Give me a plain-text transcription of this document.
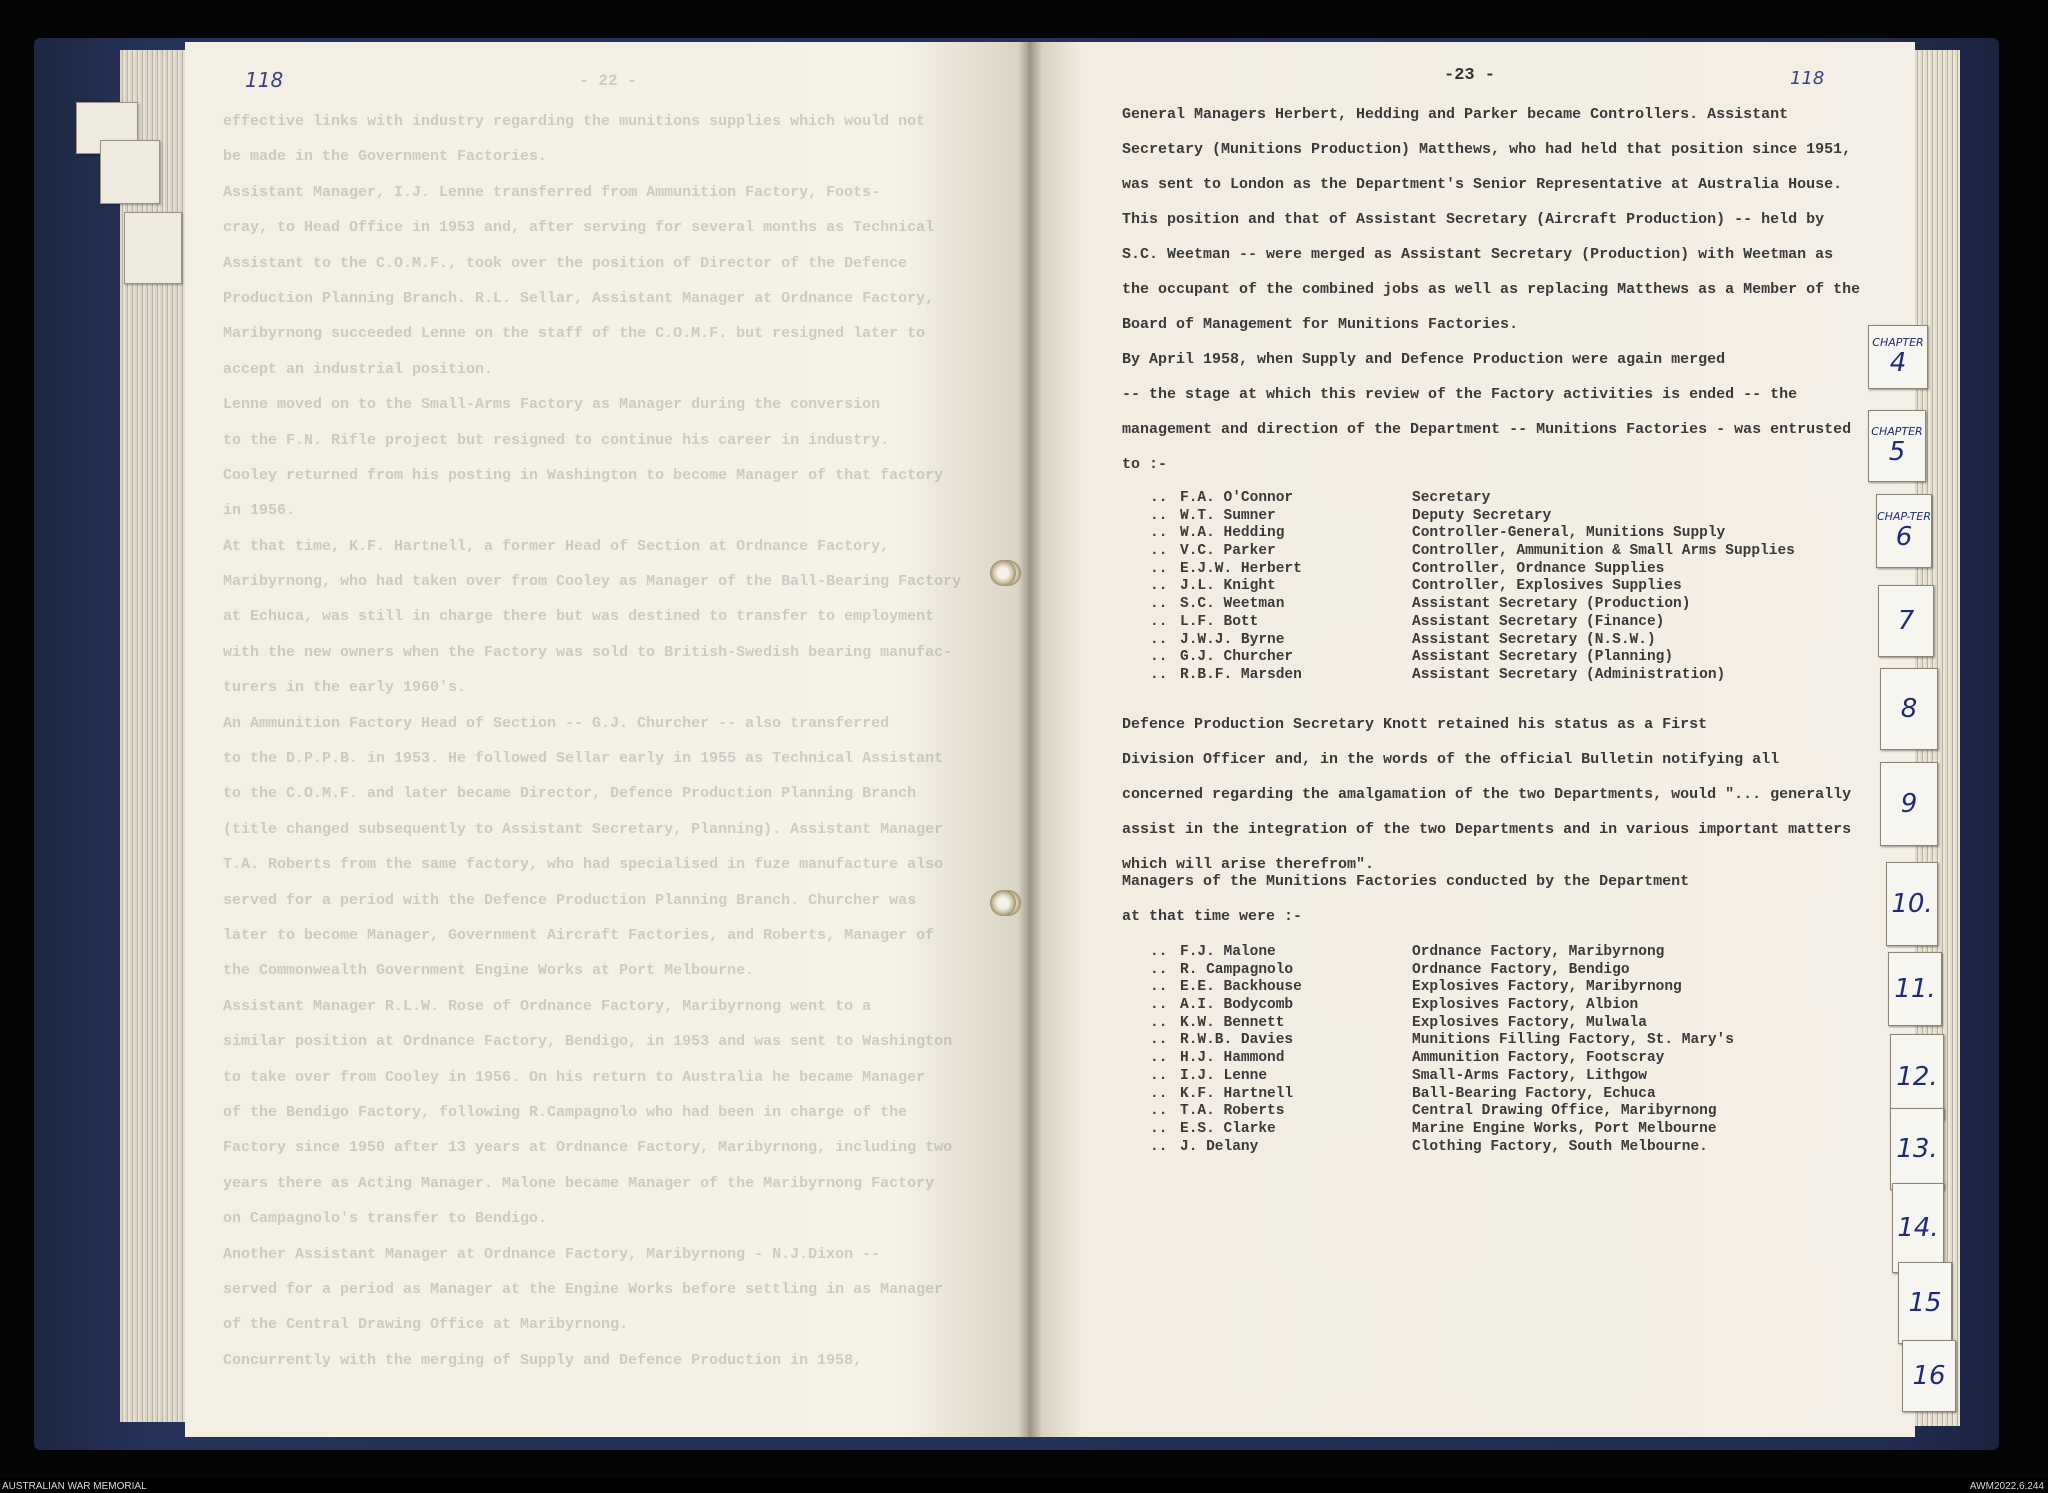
118	- 22 -
effective links with industry regarding the munitions supplies which would not
be made in the Government Factories.
Assistant Manager, I.J. Lenne transferred from Ammunition Factory, Foots-
cray, to Head Office in 1953 and, after serving for several months as Technical
Assistant to the C.O.M.F., took over the position of Director of the Defence
Production Planning Branch. R.L. Sellar, Assistant Manager at Ordnance Factory,
Maribyrnong succeeded Lenne on the staff of the C.O.M.F. but resigned later to
accept an industrial position.
Lenne moved on to the Small-Arms Factory as Manager during the conversion
to the F.N. Rifle project but resigned to continue his career in industry.
Cooley returned from his posting in Washington to become Manager of that factory
in 1956.
At that time, K.F. Hartnell, a former Head of Section at Ordnance Factory,
Maribyrnong, who had taken over from Cooley as Manager of the Ball-Bearing Factory
at Echuca, was still in charge there but was destined to transfer to employment
with the new owners when the Factory was sold to British-Swedish bearing manufac-
turers in the early 1960's.
An Ammunition Factory Head of Section -- G.J. Churcher -- also transferred
to the D.P.P.B. in 1953. He followed Sellar early in 1955 as Technical Assistant
to the C.O.M.F. and later became Director, Defence Production Planning Branch
(title changed subsequently to Assistant Secretary, Planning). Assistant Manager
T.A. Roberts from the same factory, who had specialised in fuze manufacture also
served for a period with the Defence Production Planning Branch. Churcher was
later to become Manager, Government Aircraft Factories, and Roberts, Manager of
the Commonwealth Government Engine Works at Port Melbourne.
Assistant Manager R.L.W. Rose of Ordnance Factory, Maribyrnong went to a
similar position at Ordnance Factory, Bendigo, in 1953 and was sent to Washington
to take over from Cooley in 1956. On his return to Australia he became Manager
of the Bendigo Factory, following R.Campagnolo who had been in charge of the
Factory since 1950 after 13 years at Ordnance Factory, Maribyrnong, including two
years there as Acting Manager. Malone became Manager of the Maribyrnong Factory
on Campagnolo's transfer to Bendigo.
Another Assistant Manager at Ordnance Factory, Maribyrnong - N.J.Dixon --
served for a period as Manager at the Engine Works before settling in as Manager
of the Central Drawing Office at Maribyrnong.
Concurrently with the merging of Supply and Defence Production in 1958,
-23 -	118
General Managers Herbert, Hedding and Parker became Controllers. Assistant
Secretary (Munitions Production) Matthews, who had held that position since 1951,
was sent to London as the Department's Senior Representative at Australia House.
This position and that of Assistant Secretary (Aircraft Production) -- held by
S.C. Weetman -- were merged as Assistant Secretary (Production) with Weetman as
the occupant of the combined jobs as well as replacing Matthews as a Member of the
Board of Management for Munitions Factories.
By April 1958, when Supply and Defence Production were again merged
-- the stage at which this review of the Factory activities is ended -- the
management and direction of the Department -- Munitions Factories - was entrusted
to :-
.. F.A. O'Connor	Secretary
.. W.T. Sumner	Deputy Secretary
.. W.A. Hedding	Controller-General, Munitions Supply
.. V.C. Parker	Controller, Ammunition & Small Arms Supplies
.. E.J.W. Herbert	Controller, Ordnance Supplies
.. J.L. Knight	Controller, Explosives Supplies
.. S.C. Weetman	Assistant Secretary (Production)
.. L.F. Bott	Assistant Secretary (Finance)
.. J.W.J. Byrne	Assistant Secretary (N.S.W.)
.. G.J. Churcher	Assistant Secretary (Planning)
.. R.B.F. Marsden	Assistant Secretary (Administration)
Defence Production Secretary Knott retained his status as a First
Division Officer and, in the words of the official Bulletin notifying all
concerned regarding the amalgamation of the two Departments, would "... generally
assist in the integration of the two Departments and in various important matters
which will arise therefrom".
Managers of the Munitions Factories conducted by the Department
at that time were :-
.. F.J. Malone	Ordnance Factory, Maribyrnong
.. R. Campagnolo	Ordnance Factory, Bendigo
.. E.E. Backhouse	Explosives Factory, Maribyrnong
.. A.I. Bodycomb	Explosives Factory, Albion
.. K.W. Bennett	Explosives Factory, Mulwala
.. R.W.B. Davies	Munitions Filling Factory, St. Mary's
.. H.J. Hammond	Ammunition Factory, Footscray
.. I.J. Lenne	Small-Arms Factory, Lithgow
.. K.F. Hartnell	Ball-Bearing Factory, Echuca
.. T.A. Roberts	Central Drawing Office, Maribyrnong
.. E.S. Clarke	Marine Engine Works, Port Melbourne
.. J. Delany	Clothing Factory, South Melbourne.
CHAPTER
4
CHAPTER
5
CHAP-TER
6
7
8
9
10.
11.
12.
13.
14.
15
16
AUSTRALIAN WAR MEMORIAL	AWM2022.6.244
